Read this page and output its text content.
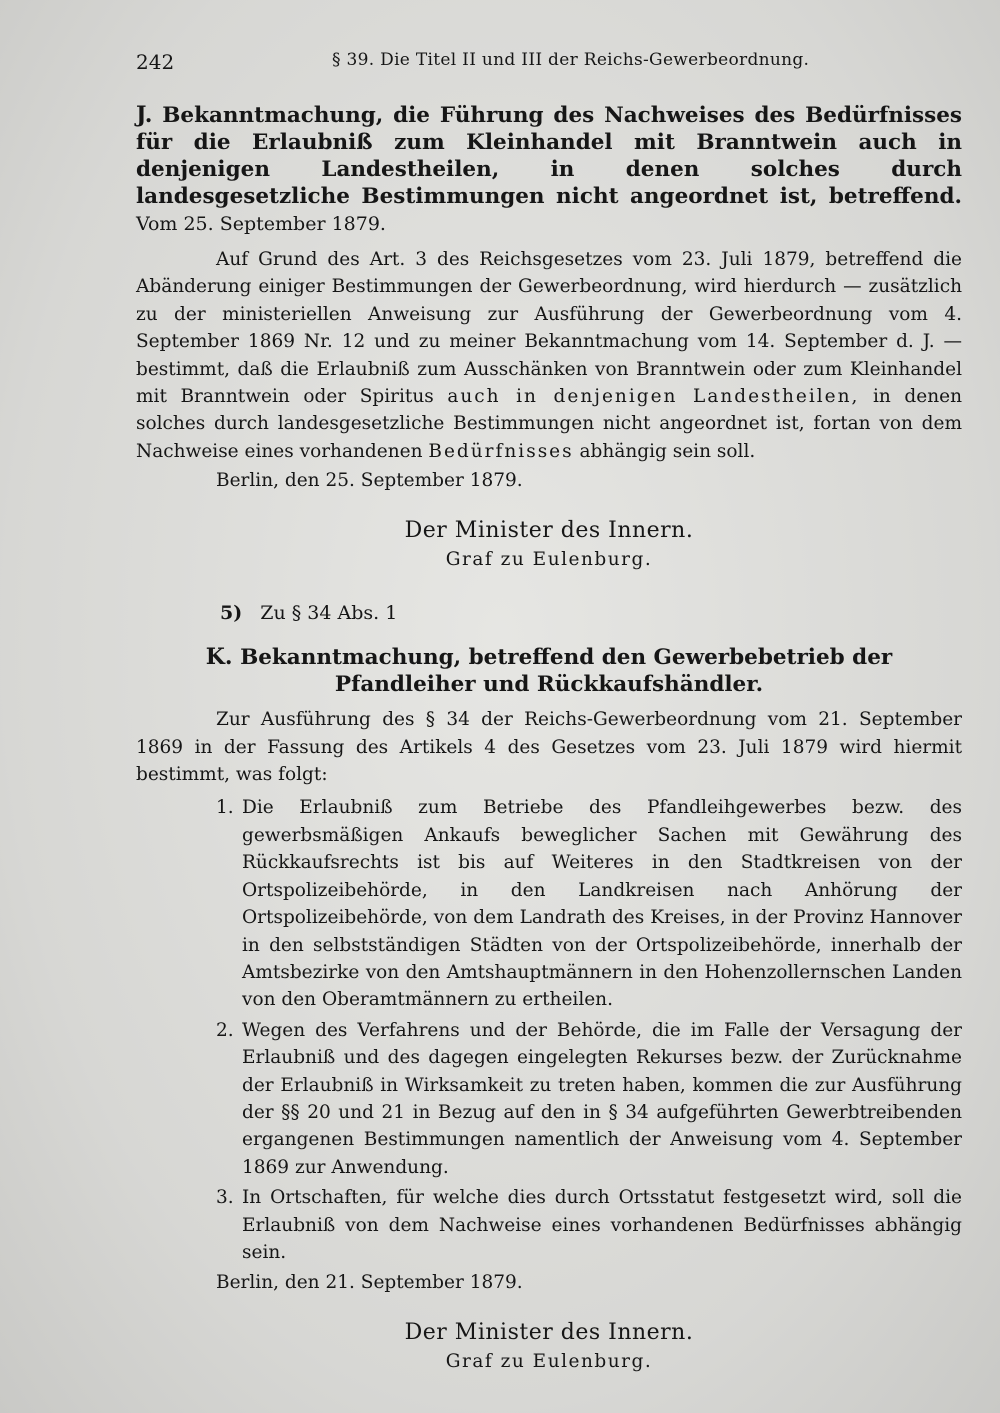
242	§ 39. Die Titel II und III der Reichs-Gewerbeordnung.

J. Bekanntmachung, die Führung des Nachweises des Bedürfnisses für die Erlaubniß zum Kleinhandel mit Branntwein auch in denjenigen Landestheilen, in denen solches durch landesgesetzliche Bestimmungen nicht angeordnet ist, betreffend. Vom 25. September 1879.

Auf Grund des Art. 3 des Reichsgesetzes vom 23. Juli 1879, betreffend die Abänderung einiger Bestimmungen der Gewerbeordnung, wird hierdurch — zusätzlich zu der ministeriellen Anweisung zur Ausführung der Gewerbeordnung vom 4. September 1869 Nr. 12 und zu meiner Bekanntmachung vom 14. September d. J. — bestimmt, daß die Erlaubniß zum Ausschänken von Branntwein oder zum Kleinhandel mit Branntwein oder Spiritus auch in denjenigen Landestheilen, in denen solches durch landesgesetzliche Bestimmungen nicht angeordnet ist, fortan von dem Nachweise eines vorhandenen Bedürfnisses abhängig sein soll.

Berlin, den 25. September 1879.

Der Minister des Innern.

Graf zu Eulenburg.

5) Zu § 34 Abs. 1

K. Bekanntmachung, betreffend den Gewerbebetrieb der Pfandleiher und Rückkaufshändler.

Zur Ausführung des § 34 der Reichs-Gewerbeordnung vom 21. September 1869 in der Fassung des Artikels 4 des Gesetzes vom 23. Juli 1879 wird hiermit bestimmt, was folgt:

1. Die Erlaubniß zum Betriebe des Pfandleihgewerbes bezw. des gewerbsmäßigen Ankaufs beweglicher Sachen mit Gewährung des Rückkaufsrechts ist bis auf Weiteres in den Stadtkreisen von der Ortspolizeibehörde, in den Landkreisen nach Anhörung der Ortspolizeibehörde, von dem Landrath des Kreises, in der Provinz Hannover in den selbstständigen Städten von der Ortspolizeibehörde, innerhalb der Amtsbezirke von den Amtshauptmännern in den Hohenzollernschen Landen von den Oberamtmännern zu ertheilen.
2. Wegen des Verfahrens und der Behörde, die im Falle der Versagung der Erlaubniß und des dagegen eingelegten Rekurses bezw. der Zurücknahme der Erlaubniß in Wirksamkeit zu treten haben, kommen die zur Ausführung der §§ 20 und 21 in Bezug auf den in § 34 aufgeführten Gewerbtreibenden ergangenen Bestimmungen namentlich der Anweisung vom 4. September 1869 zur Anwendung.
3. In Ortschaften, für welche dies durch Ortsstatut festgesetzt wird, soll die Erlaubniß von dem Nachweise eines vorhandenen Bedürfnisses abhängig sein.

Berlin, den 21. September 1879.

Der Minister des Innern.

Graf zu Eulenburg.
